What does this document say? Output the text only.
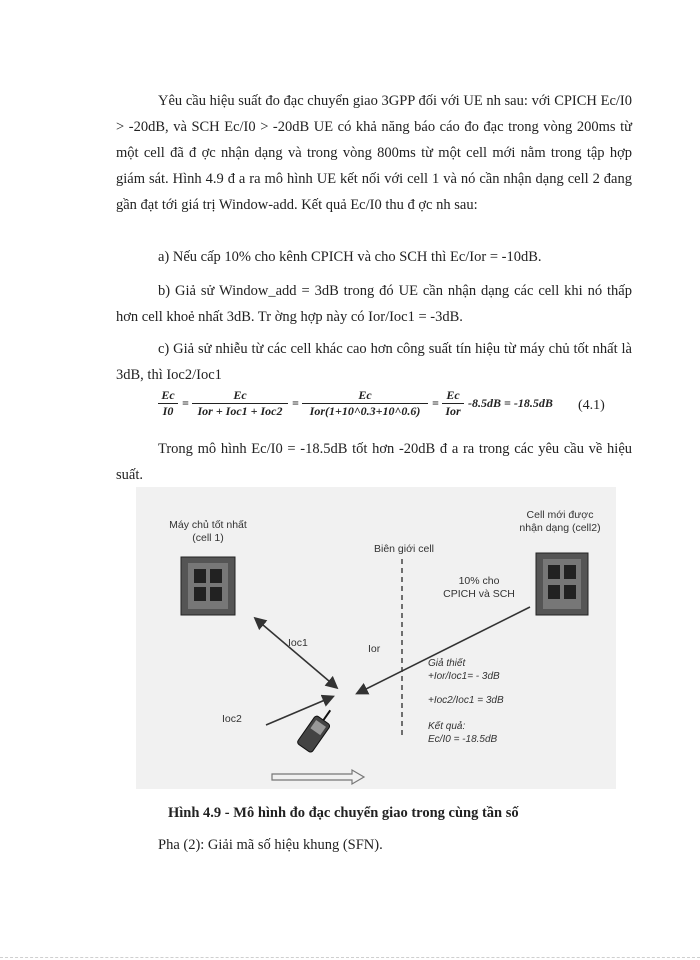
Yêu cầu hiệu suất đo đạc chuyển giao 3GPP đối với UE nh sau: với CPICH Ec/I0 > -20dB, và SCH Ec/I0 > -20dB UE có khả năng báo cáo đo đạc trong vòng 200ms từ một cell đã đ ợc nhận dạng và trong vòng 800ms từ một cell mới nằm trong tập hợp giám sát. Hình 4.9 đ a ra mô hình UE kết nối với cell 1 và nó cần nhận dạng cell 2 đang gần đạt tới giá trị Window-add. Kết quả Ec/I0 thu đ ợc nh sau:
a) Nếu cấp 10% cho kênh CPICH và cho SCH thì Ec/Ior = -10dB.
b) Giả sử Window_add = 3dB trong đó UE cần nhận dạng các cell khi nó thấp hơn cell khoẻ nhất 3dB. Tr ờng hợp này có Ior/Ioc1 = -3dB.
c) Giả sử nhiễu từ các cell khác cao hơn công suất tín hiệu từ máy chủ tốt nhất là 3dB, thì Ioc2/Ioc1
$\frac{Ec}{I0}$ =
Ec
Ior + Ioc1 + Ioc2
=
Ec
Ior(1+10^0.3+10^0.6)
=
Ec
Ior
-8.5dB = -18.5dB (4.1)
Trong mô hình Ec/I0 = -18.5dB tốt hơn -20dB đ a ra trong các yêu cầu về hiệu suất.
Máy chủ tốt nhất
(cell 1)
Cell mới được
nhận dạng (cell2)
Biên giới cell
10% cho
CPICH và SCH
Ioc1	Ior
Ioc2
Giả thiết
+Ior/Ioc1= - 3dB
+Ioc2/Ioc1 = 3dB
Kết quả:
Ec/I0 = -18.5dB
Hình 4.9 - Mô hình đo đạc chuyển giao trong cùng tần số
Pha (2): Giải mã số hiệu khung (SFN).
